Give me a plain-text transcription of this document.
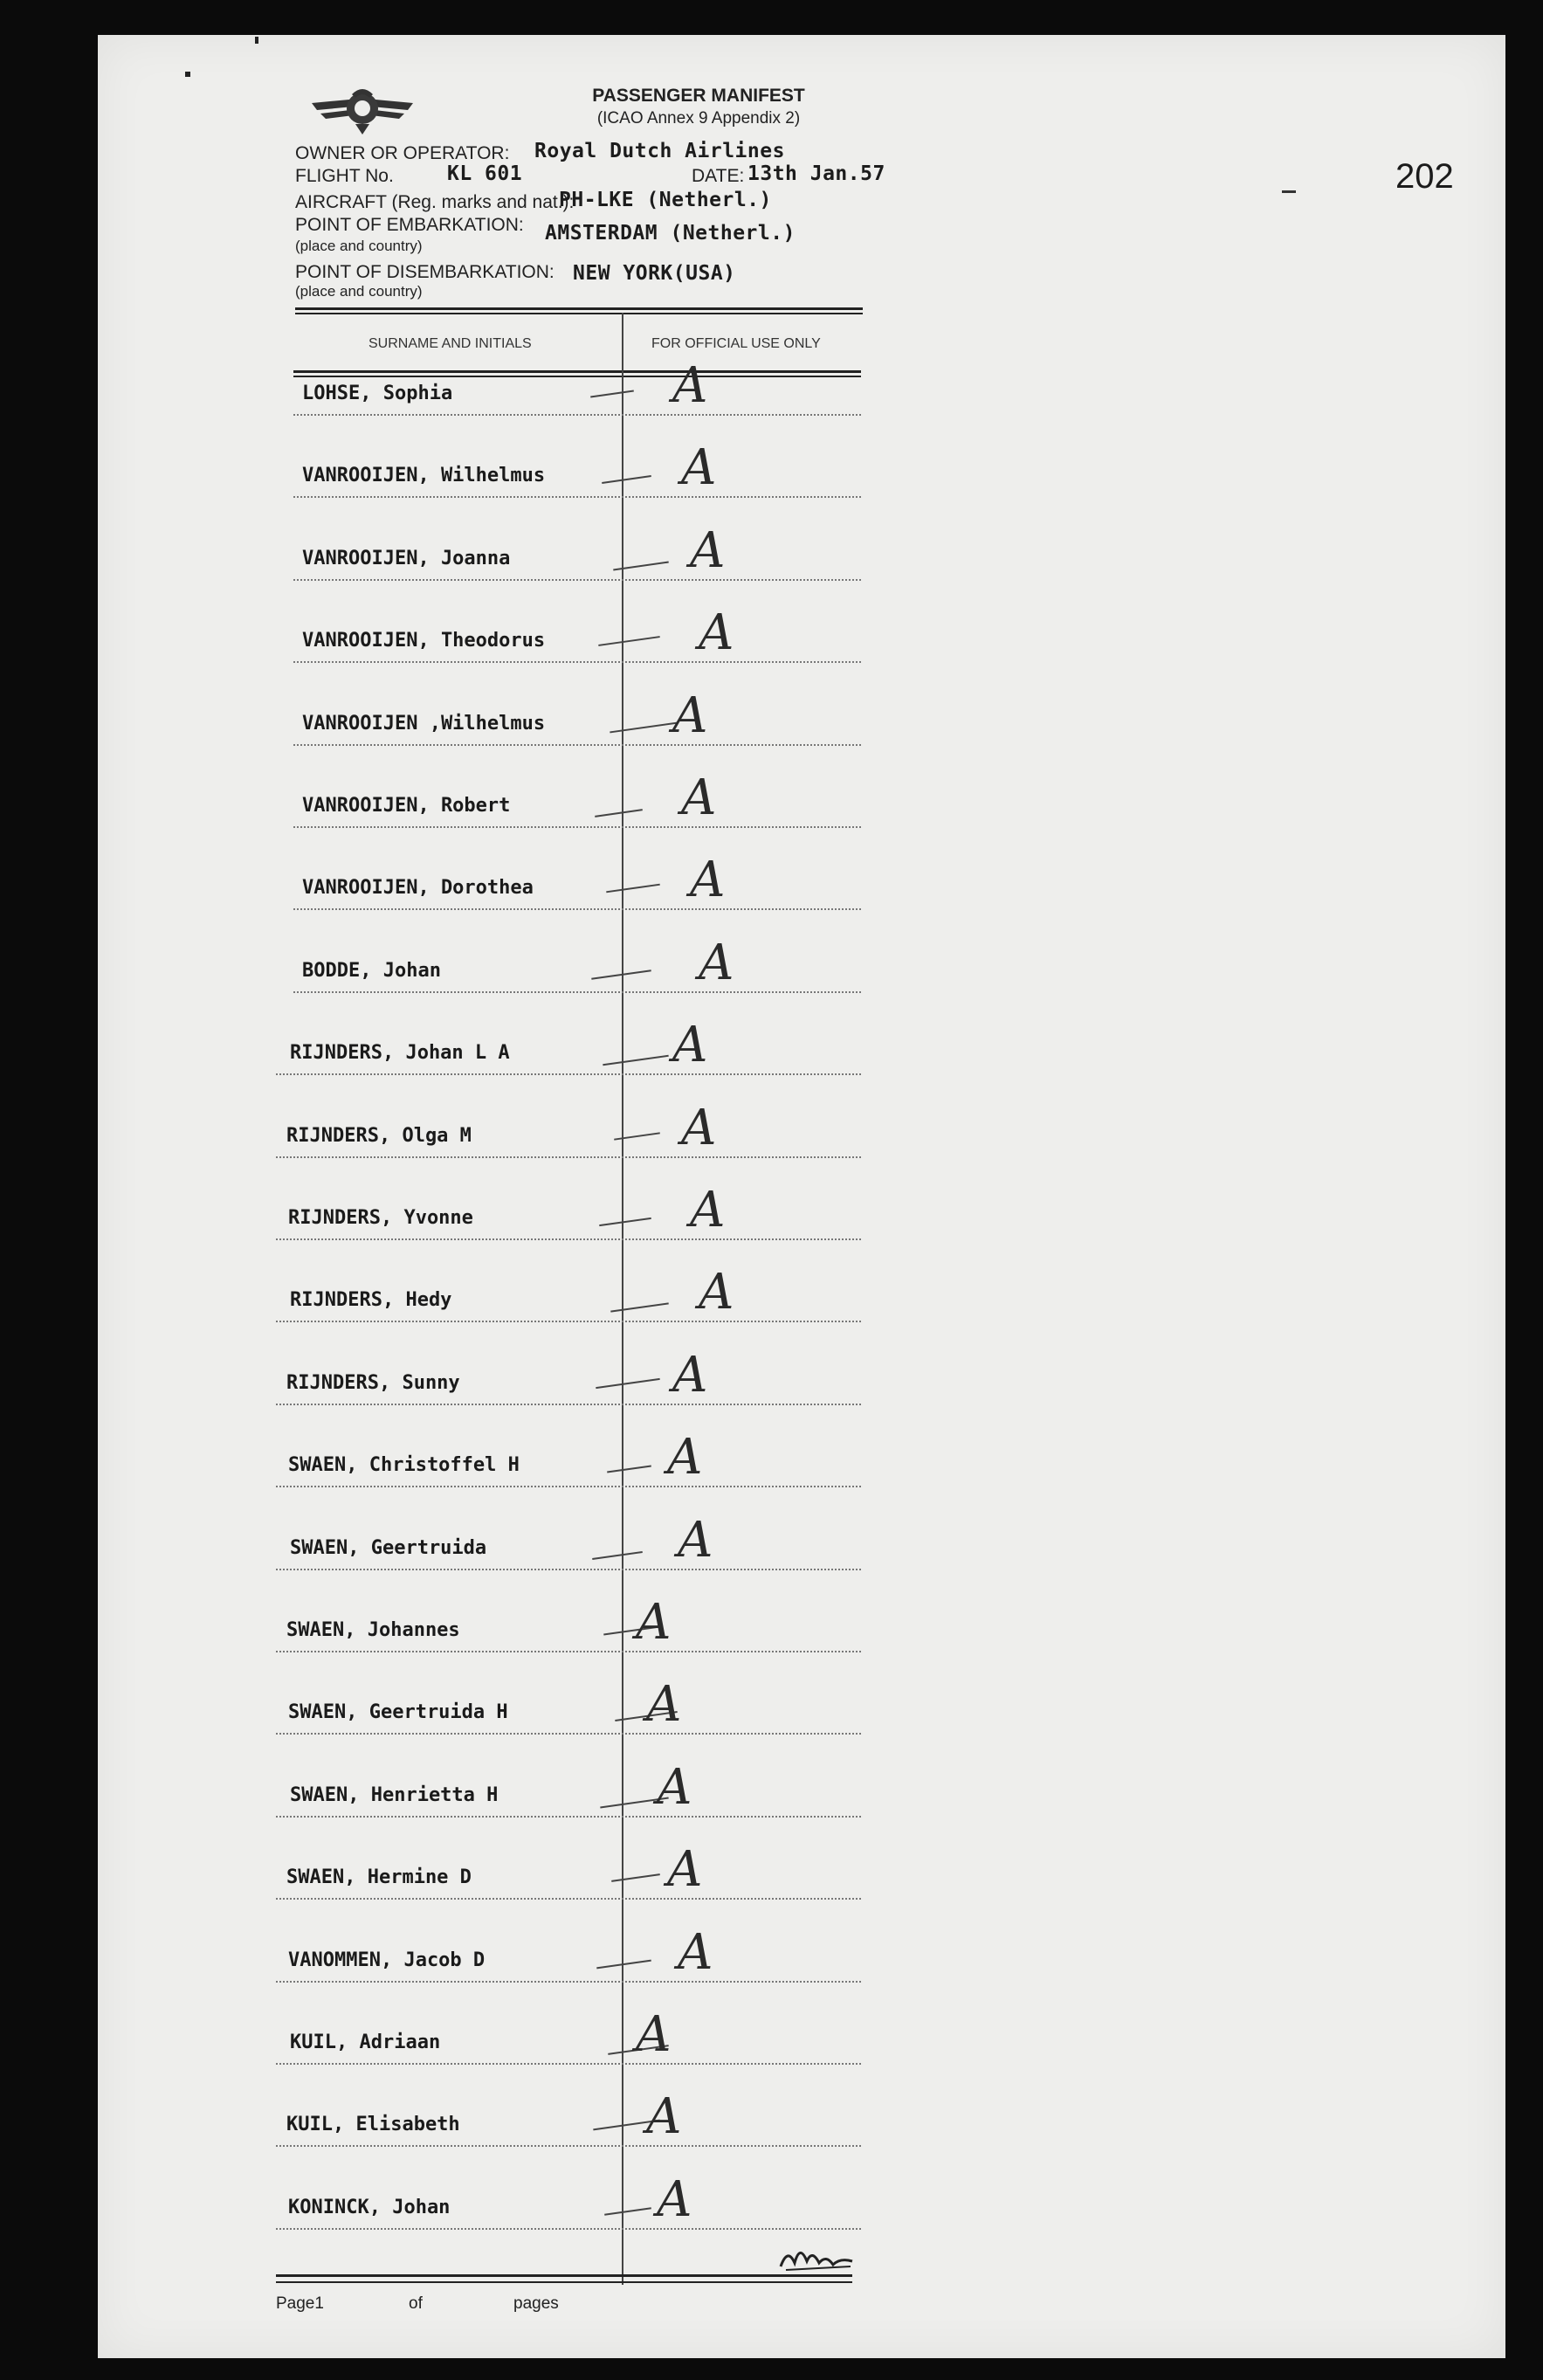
202
PASSENGER MANIFEST
(ICAO Annex 9 Appendix 2)
OWNER OR OPERATOR: Royal Dutch Airlines
FLIGHT No.	KL 601	DATE: 13th Jan.57
AIRCRAFT (Reg. marks and nat.):
PH-LKE (Netherl.)
POINT OF EMBARKATION: AMSTERDAM (Netherl.)
(place and country)
POINT OF DISEMBARKATION: NEW YORK(USA)
(place and country)
SURNAME AND INITIALS	FOR OFFICIAL USE ONLY
LOHSE, Sophia	A
VANROOIJEN, Wilhelmus	A
VANROOIJEN, Joanna	A
VANROOIJEN, Theodorus	A
VANROOIJEN ,Wilhelmus	A
VANROOIJEN, Robert	A
VANROOIJEN, Dorothea	A
BODDE, Johan	A
RIJNDERS, Johan L A	A
RIJNDERS, Olga M	A
RIJNDERS, Yvonne	A
RIJNDERS, Hedy	A
RIJNDERS, Sunny	A
SWAEN, Christoffel H	A
SWAEN, Geertruida	A
SWAEN, Johannes	A
SWAEN, Geertruida H	A
SWAEN, Henrietta H	A
SWAEN, Hermine D	A
VANOMMEN, Jacob D	A
KUIL, Adriaan	A
KUIL, Elisabeth	A
KONINCK, Johan	A
Page1	of	pages
